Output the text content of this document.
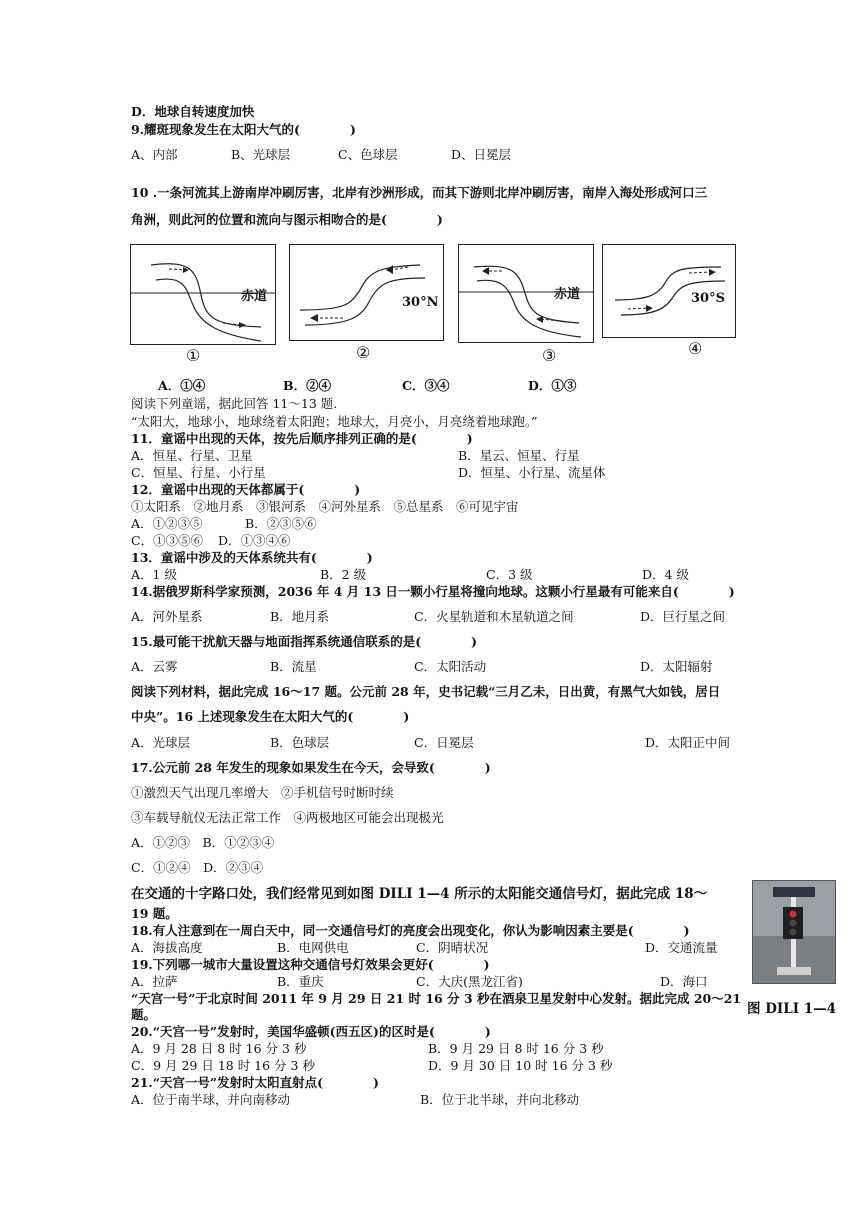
D．地球自转速度加快
9.耀斑现象发生在太阳大气的(　　　　)
A、内部	B、光球层	C、色球层	D、日冕层
10 .一条河流其上游南岸冲刷厉害，北岸有沙洲形成，而其下游则北岸冲刷厉害，南岸入海处形成河口三
角洲，则此河的位置和流向与图示相吻合的是(　　　　)
赤道
①
30°N
②
赤道
③
30°S
④
A．①④	B．②④	C．③④	D．①③
阅读下列童谣，据此回答 11～13 题.
“太阳大，地球小，地球绕着太阳跑；地球大，月亮小，月亮绕着地球跑。”
11．童谣中出现的天体，按先后顺序排列正确的是(　　　　)
A．恒星、行星、卫星	B．星云、恒星、行星
C．恒星、行星、小行星	D．恒星、小行星、流星体
12．童谣中出现的天体都属于(　　　　)
①太阳系　②地月系　③银河系　④河外星系　⑤总星系　⑥可见宇宙
A．①②③⑤	B．②③⑤⑥
C．①③⑤⑥ D．①③④⑥
13．童谣中涉及的天体系统共有(　　　　)
A．1 级	B．2 级	C．3 级	D．4 级
14.据俄罗斯科学家预测，2036 年 4 月 13 日一颗小行星将撞向地球。这颗小行星最有可能来自(　　　　)
A．河外星系	B．地月系	C．火星轨道和木星轨道之间	D．巨行星之间
15.最可能干扰航天器与地面指挥系统通信联系的是(　　　　)
A．云雾	B．流星	C．太阳活动	D．太阳辐射
阅读下列材料，据此完成 16～17 题。公元前 28 年，史书记载“三月乙未，日出黄，有黑气大如钱，居日
中央”。16 上述现象发生在太阳大气的(　　　　)
A．光球层	B．色球层	C．日冕层	D．太阳正中间
17.公元前 28 年发生的现象如果发生在今天，会导致(　　　　)
①激烈天气出现几率增大　②手机信号时断时续
③车载导航仪无法正常工作　④两极地区可能会出现极光
A．①②③　B．①②③④
C．①②④　D．②③④
在交通的十字路口处，我们经常见到如图 DILI 1—4 所示的太阳能交通信号灯，据此完成 18～
19 题。
18.有人注意到在一周白天中，同一交通信号灯的亮度会出现变化，你认为影响因素主要是(　　　　)
A．海拔高度	B．电网供电	C．阴晴状况	D．交通流量
19.下列哪一城市大量设置这种交通信号灯效果会更好(　　　　)
A．拉萨	B．重庆	C．大庆(黑龙江省)	D．海口
图 DILI 1—4
“天宫一号”于北京时间 2011 年 9 月 29 日 21 时 16 分 3 秒在酒泉卫星发射中心发射。据此完成 20～21
题。
20.“天宫一号”发射时，美国华盛顿(西五区)的区时是(　　　　)
A．9 月 28 日 8 时 16 分 3 秒	B．9 月 29 日 8 时 16 分 3 秒
C．9 月 29 日 18 时 16 分 3 秒	D．9 月 30 日 10 时 16 分 3 秒
21.“天宫一号”发射时太阳直射点(　　　　)
A．位于南半球，并向南移动	B．位于北半球，并向北移动
